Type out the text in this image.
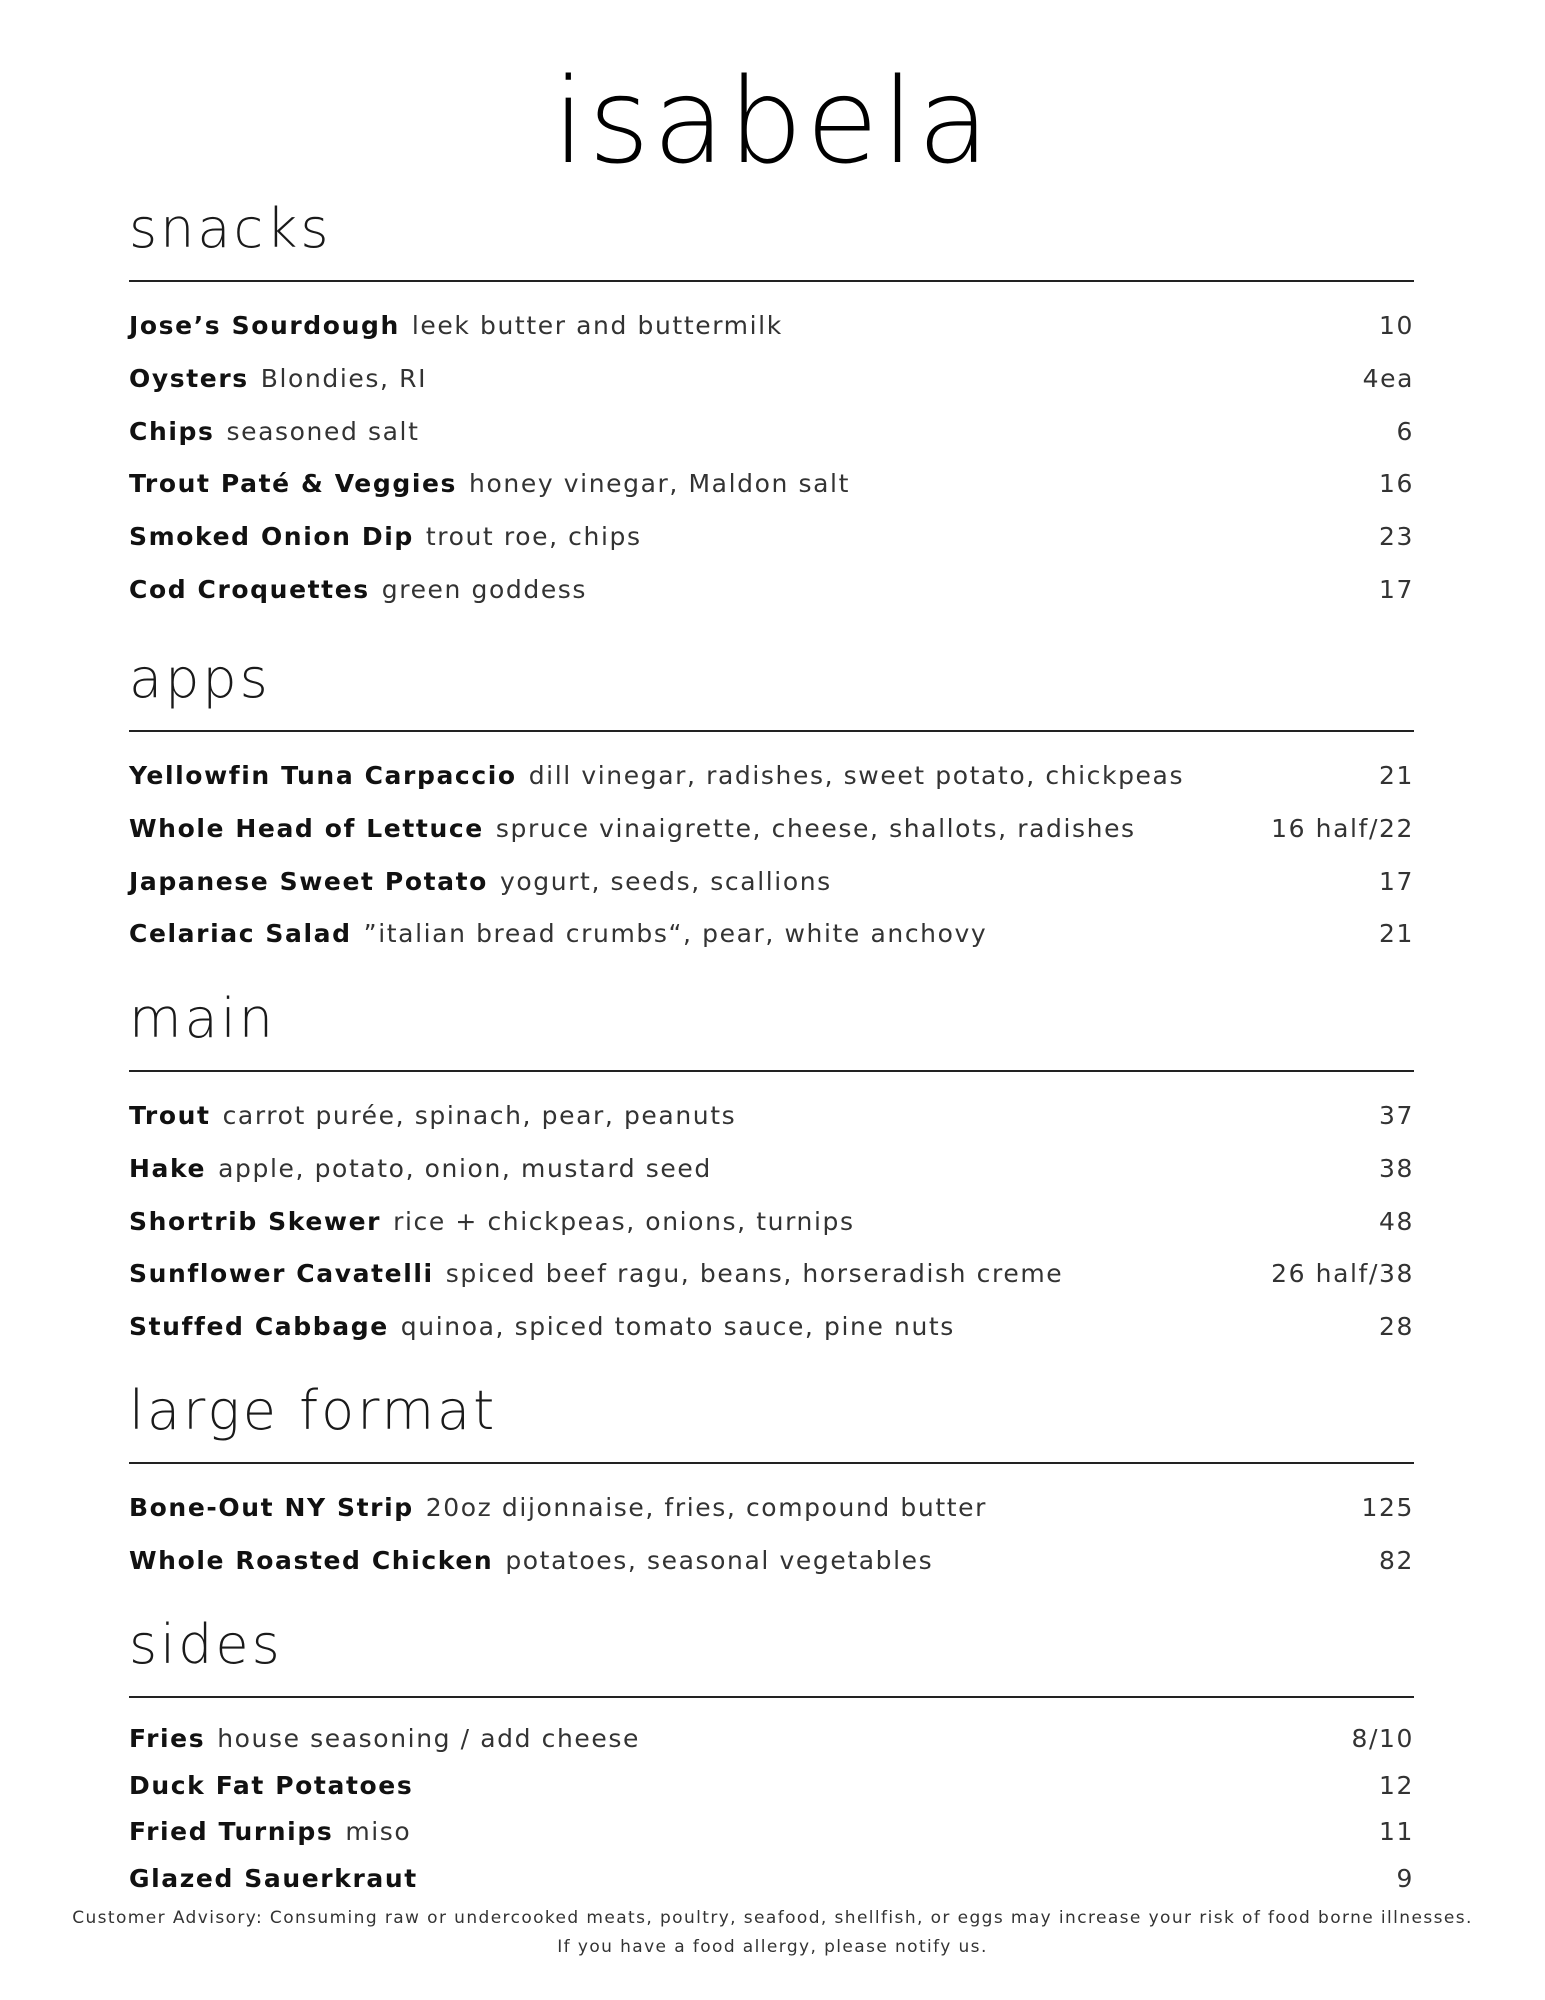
isabela
snacks
Jose’s Sourdough leek butter and buttermilk	10
Oysters Blondies, RI	4ea
Chips seasoned salt	6
Trout Paté & Veggies honey vinegar, Maldon salt	16
Smoked Onion Dip trout roe, chips	23
Cod Croquettes green goddess	17
apps
Yellowfin Tuna Carpaccio dill vinegar, radishes, sweet potato, chickpeas	21
Whole Head of Lettuce spruce vinaigrette, cheese, shallots, radishes	16 half/22
Japanese Sweet Potato yogurt, seeds, scallions	17
Celariac Salad ”italian bread crumbs“, pear, white anchovy	21
main
Trout carrot purée, spinach, pear, peanuts	37
Hake apple, potato, onion, mustard seed	38
Shortrib Skewer rice + chickpeas, onions, turnips	48
Sunflower Cavatelli spiced beef ragu, beans, horseradish creme	26 half/38
Stuffed Cabbage quinoa, spiced tomato sauce, pine nuts	28
large format
Bone-Out NY Strip 20oz dijonnaise, fries, compound butter	125
Whole Roasted Chicken potatoes, seasonal vegetables	82
sides
Fries house seasoning / add cheese	8/10
Duck Fat Potatoes	12
Fried Turnips miso	11
Glazed Sauerkraut	9
Customer Advisory: Consuming raw or undercooked meats, poultry, seafood, shellfish, or eggs may increase your risk of food borne illnesses.
If you have a food allergy, please notify us.
